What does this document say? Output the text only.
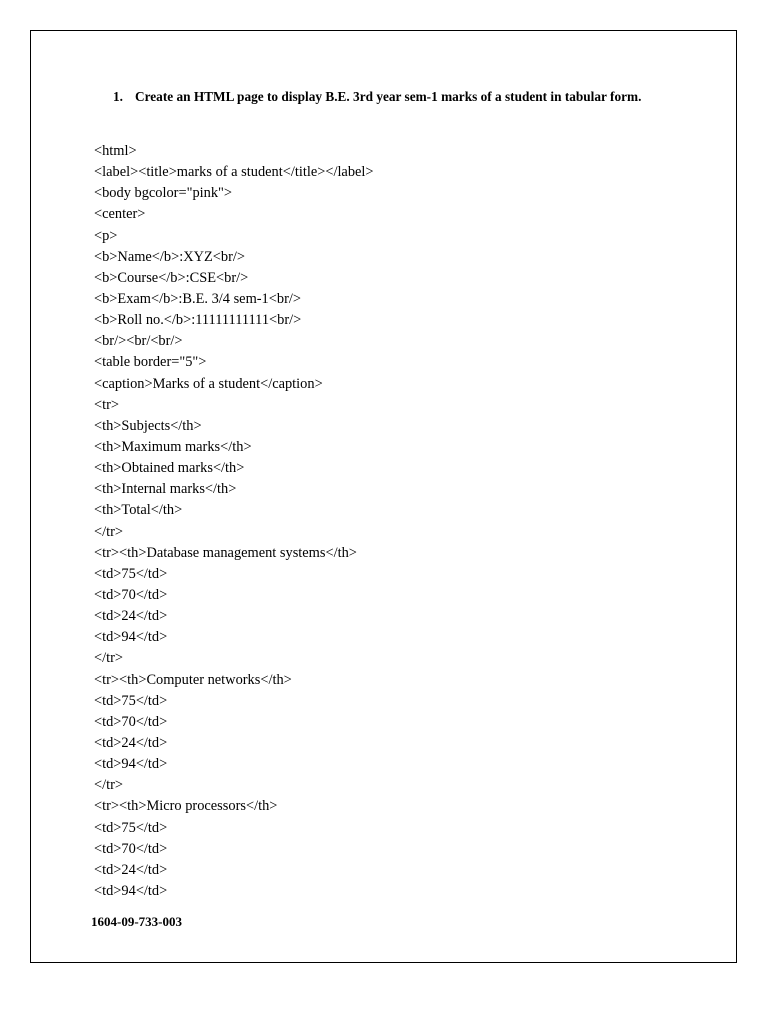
1. Create an HTML page to display B.E. 3rd year sem-1 marks of a student in tabular form.
<html>
<label><title>marks of a student</title></label>
<body bgcolor="pink">
<center>
<p>
<b>Name</b>:XYZ<br/>
<b>Course</b>:CSE<br/>
<b>Exam</b>:B.E. 3/4 sem-1<br/>
<b>Roll no.</b>:11111111111<br/>
<br/><br/<br/>
<table border="5">
<caption>Marks of a student</caption>
<tr>
<th>Subjects</th>
<th>Maximum marks</th>
<th>Obtained marks</th>
<th>Internal marks</th>
<th>Total</th>
</tr>
<tr><th>Database management systems</th>
<td>75</td>
<td>70</td>
<td>24</td>
<td>94</td>
</tr>
<tr><th>Computer networks</th>
<td>75</td>
<td>70</td>
<td>24</td>
<td>94</td>
</tr>
<tr><th>Micro processors</th>
<td>75</td>
<td>70</td>
<td>24</td>
<td>94</td>
1604-09-733-003
